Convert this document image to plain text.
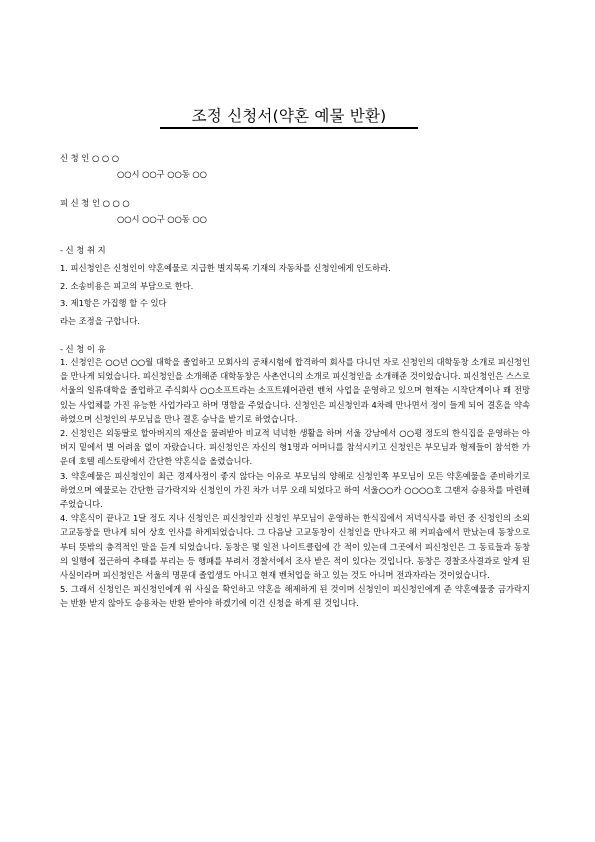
조정 신청서(약혼 예물 반환)
신 청 인 ○ ○ ○
○○시 ○○구 ○○동 ○○
피 신 청 인 ○ ○ ○
○○시 ○○구 ○○동 ○○
- 신 청 취 지
1. 피신청인은 신청인이 약혼예물로 지급한 별지목록 기재의 자동차를 신청인에게 인도하라.
2. 소송비용은 피고의 부담으로 한다.
3. 제1항은 가집행 할 수 있다
라는 조정을 구합니다.
- 신 청 이 유

1. 신청인은 ○○년 ○○월 대학을 졸업하고 모회사의 공채시험에 합격하여 회사를 다니던 자로 신청인의 대학동창 소개로 피신청인을 만나게 되었습니다. 피신청인을 소개해준 대학동창은 사촌언니의 소개로 피신청인을 소개해준 것이었습니다. 피신청인은 스스로 서울의 일류대학을 졸업하고 주식회사 ○○소프트라는 소프트웨어관련 벤처 사업을 운영하고 있으며 현재는 시작단계이나 꽤 전망있는 사업체를 가진 유능한 사업가라고 하며 명함을 주었습니다. 신청인은 피신청인과 4차례 만나면서 정이 들게 되어 결혼을 약속하였으며 신청인의 부모님을 만나 결혼 승낙을 받기로 하였습니다.

2. 신청인은 외동딸로 할아버지의 재산을 물려받아 비교적 넉넉한 생활을 하며 서울 강남에서 ○○평 정도의 한식집을 운영하는 아버지 밑에서 별 어려움 없이 자랐습니다. 피신청인은 자신의 형1명과 어머니를 참석시키고 신청인은 부모님과 형제들이 참석한 가운데 호텔 레스토랑에서 간단한 약혼식을 올렸습니다.

3. 약혼예물은 피신청인이 최근 경제사정이 좋지 않다는 이유로 부모님의 양해로 신청인쪽 부모님이 모든 약혼예물을 준비하기로 하였으며 예물로는 간단한 금가락지와 신청인이 가진 차가 너무 오래 되었다고 하여 서울○○카 ○○○○호 그랜저 승용차를 마련해 주었습니다.

4. 약혼식이 끝나고 1달 정도 지나 신청인은 피신청인과 신청인 부모님이 운영하는 한식집에서 저녁식사를 하던 중 신청인의 소외 고교동창을 만나게 되어 상호 인사를 하게되었습니다. 그 다음날 고교동창이 신청인을 만나자고 해 커피숍에서 만났는데 동창으로부터 뜻밖의 충격적인 말을 듣게 되었습니다. 동창은 몇 일전 나이트클럽에 간 적이 있는데 그곳에서 피신청인은 그 동료들과 동창의 일행에 접근하여 추태를 부리는 등 행패를 부려서 경찰서에서 조사 받은 적이 있다는 것입니다. 동창은 경찰조사결과로 알게 된 사실이라며 피신청인은 서울의 명문대 졸업생도 아니고 현재 벤처업을 하고 있는 것도 아니며 전과자라는 것이었습니다.

5. 그래서 신청인은 피신청인에게 위 사실을 확인하고 약혼을 해제하게 된 것이며 신청인이 피신청인에게 준 약혼예물중 금가락지는 반환 받지 않아도 승용차는 반환 받아야 하겠기에 이건 신청을 하게 된 것입니다.
